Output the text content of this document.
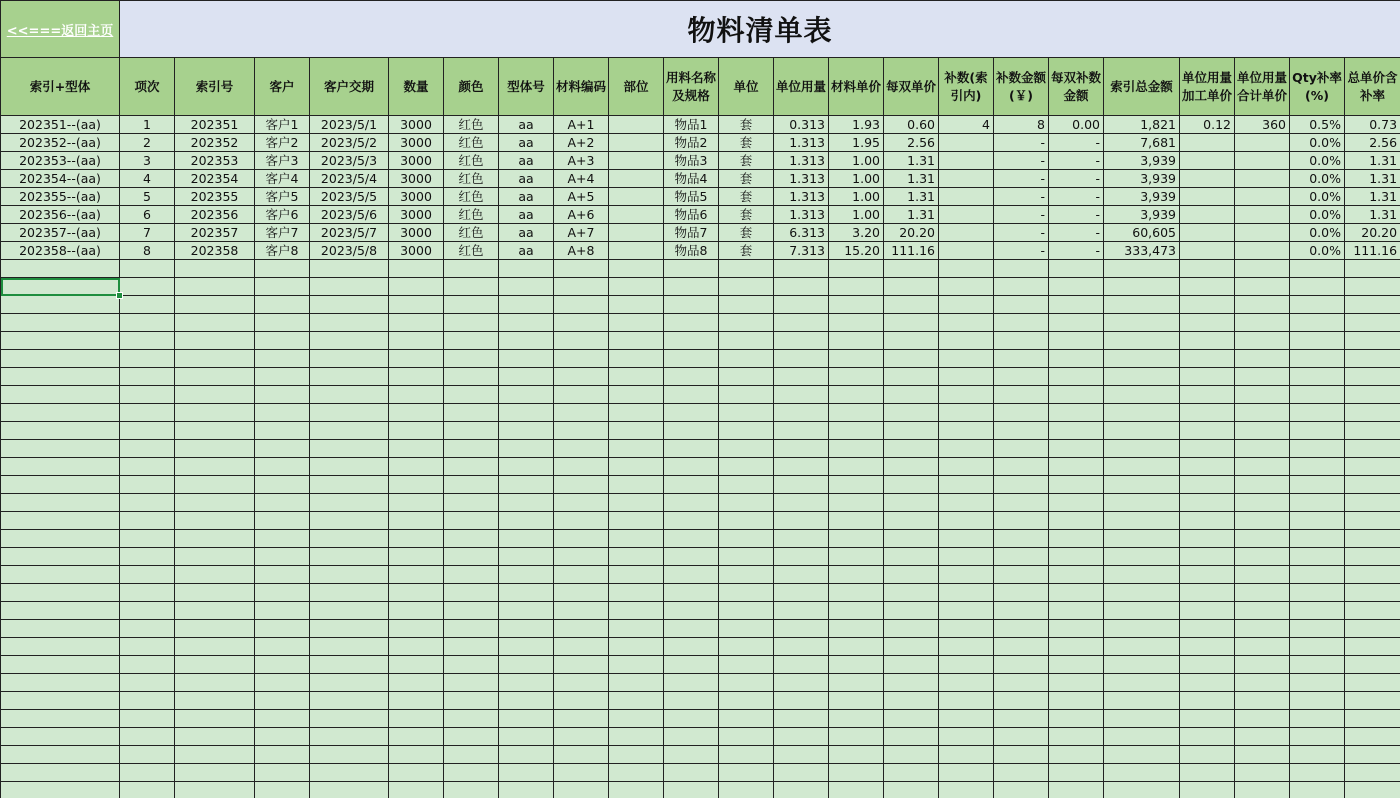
<<===返回主页	物料清单表																					
索引+型体	项次	索引号	客户	客户交期	数量	颜色	型体号	材料编码	部位	用料名称及规格	单位	单位用量	材料单价	每双单价	补数(索引内)	补数金额(￥)	每双补数金额	索引总金额	单位用量加工单价	单位用量合计单价	Qty补率(%)	总单价含补率
202351--(aa)	1	202351	客户1	2023/5/1	3000	红色	aa	A+1		物品1	套	0.313	1.93	0.60	4	8	0.00	1,821	0.12	360	0.5%	0.73
202352--(aa)	2	202352	客户2	2023/5/2	3000	红色	aa	A+2		物品2	套	1.313	1.95	2.56		-	-	7,681			0.0%	2.56
202353--(aa)	3	202353	客户3	2023/5/3	3000	红色	aa	A+3		物品3	套	1.313	1.00	1.31		-	-	3,939			0.0%	1.31
202354--(aa)	4	202354	客户4	2023/5/4	3000	红色	aa	A+4		物品4	套	1.313	1.00	1.31		-	-	3,939			0.0%	1.31
202355--(aa)	5	202355	客户5	2023/5/5	3000	红色	aa	A+5		物品5	套	1.313	1.00	1.31		-	-	3,939			0.0%	1.31
202356--(aa)	6	202356	客户6	2023/5/6	3000	红色	aa	A+6		物品6	套	1.313	1.00	1.31		-	-	3,939			0.0%	1.31
202357--(aa)	7	202357	客户7	2023/5/7	3000	红色	aa	A+7		物品7	套	6.313	3.20	20.20		-	-	60,605			0.0%	20.20
202358--(aa)	8	202358	客户8	2023/5/8	3000	红色	aa	A+8		物品8	套	7.313	15.20	111.16		-	-	333,473			0.0%	111.16
